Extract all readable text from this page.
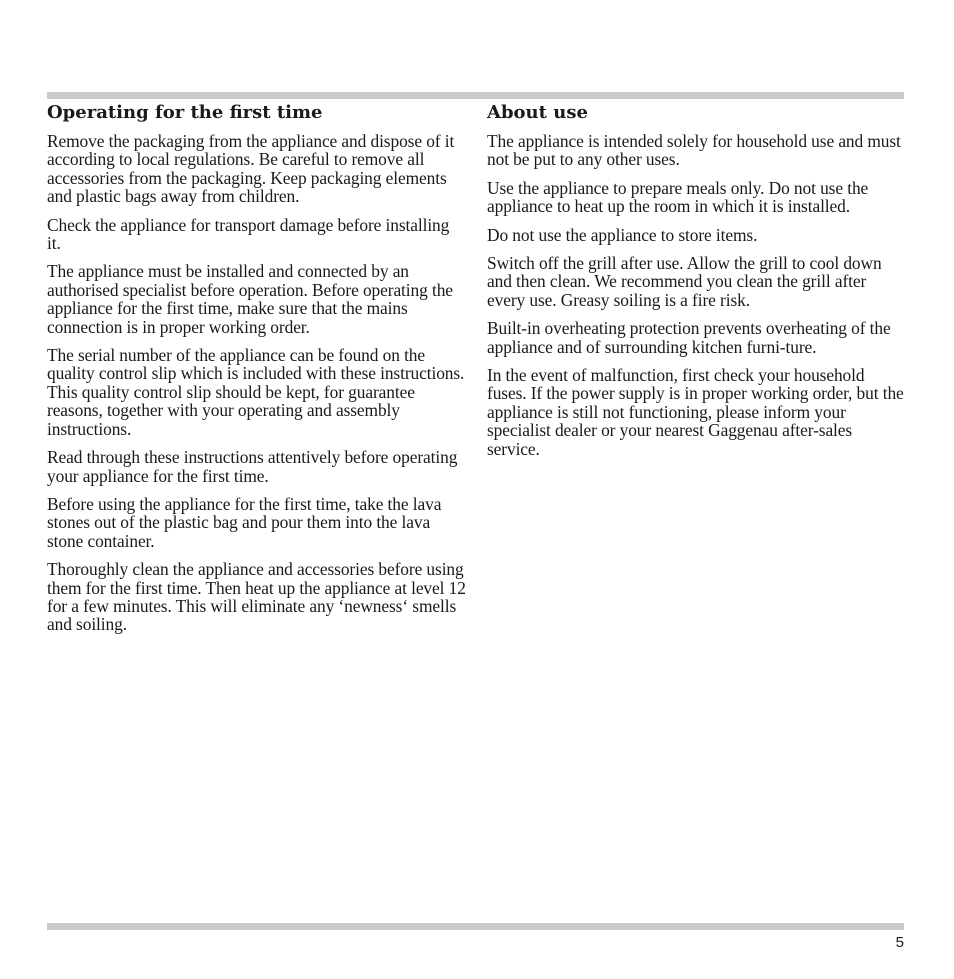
Operating for the first time

Remove the packaging from the appliance and dispose of it according to local regulations. Be careful to remove all accessories from the packaging. Keep packaging elements and plastic bags away from children.

Check the appliance for transport damage before installing it.

The appliance must be installed and connected by an authorised specialist before operation. Before operating the appliance for the first time, make sure that the mains connection is in proper working order.

The serial number of the appliance can be found on the quality control slip which is included with these instructions. This quality control slip should be kept, for guarantee reasons, together with your operating and assembly instructions.

Read through these instructions attentively before operating your appliance for the first time.

Before using the appliance for the first time, take the lava stones out of the plastic bag and pour them into the lava stone container.

Thoroughly clean the appliance and accessories before using them for the first time. Then heat up the appliance at level 12 for a few minutes. This will eliminate any ‘newness‘ smells and soiling.

About use

The appliance is intended solely for household use and must not be put to any other uses.

Use the appliance to prepare meals only. Do not use the appliance to heat up the room in which it is installed.

Do not use the appliance to store items.

Switch off the grill after use. Allow the grill to cool down and then clean. We recommend you clean the grill after every use. Greasy soiling is a fire risk.

Built-in overheating protection prevents overheating of the appliance and of surrounding kitchen furni-ture.

In the event of malfunction, first check your household fuses. If the power supply is in proper working order, but the appliance is still not functioning, please inform your specialist dealer or your nearest Gaggenau after-sales service.

5
